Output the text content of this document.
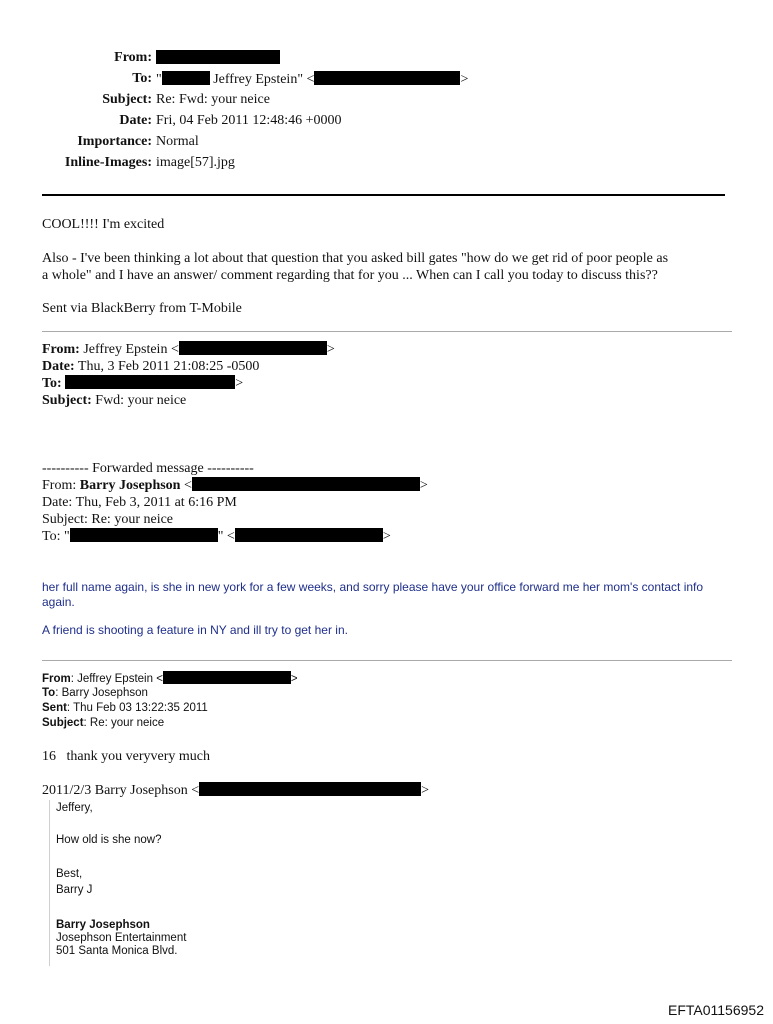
From:
To: "	Jeffrey Epstein" <	>
Subject: Re: Fwd: your neice
Date: Fri, 04 Feb 2011 12:48:46 +0000
Importance: Normal
Inline-Images: image[57].jpg
COOL!!!! I'm excited
Also - I've been thinking a lot about that question that you asked bill gates "how do we get rid of poor people as
a whole" and I have an answer/ comment regarding that for you ... When can I call you today to discuss this??
Sent via BlackBerry from T-Mobile
From: Jeffrey Epstein <	>
Date: Thu, 3 Feb 2011 21:08:25 -0500
To:	>
Subject: Fwd: your neice
---------- Forwarded message ----------
From: Barry Josephson <	>
Date: Thu, Feb 3, 2011 at 6:16 PM
Subject: Re: your neice
To: "	" <	>
her full name again, is she in new york for a few weeks, and sorry please have your office forward me her mom's contact info
again.
A friend is shooting a feature in NY and ill try to get her in.
From: Jeffrey Epstein <	>
To: Barry Josephson
Sent: Thu Feb 03 13:22:35 2011
Subject: Re: your neice
16   thank you veryvery much
2011/2/3 Barry Josephson <	>
Jeffery,
How old is she now?
Best,
Barry J
Barry Josephson
Josephson Entertainment
501 Santa Monica Blvd.
EFTA01156952
